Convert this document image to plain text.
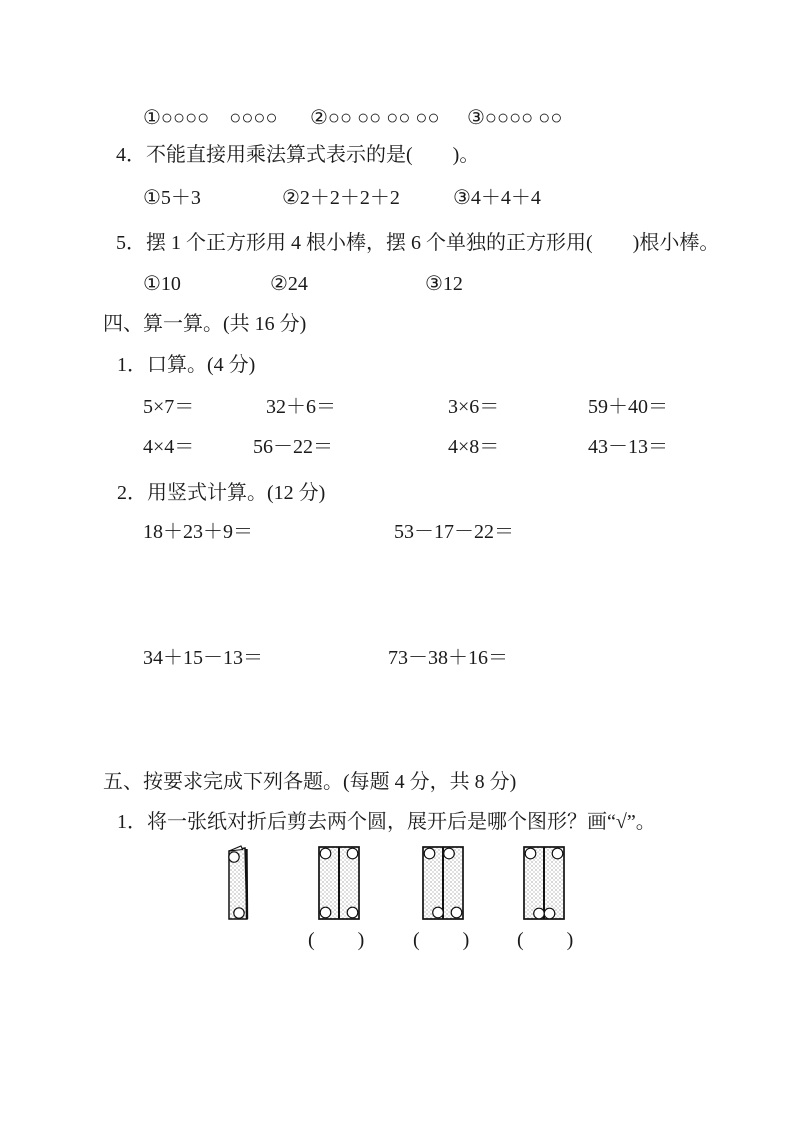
①○○○○　○○○○ ②○○ ○○ ○○ ○○ ③○○○○ ○○
4．不能直接用乘法算式表示的是(　　)。
①5＋3	②2＋2＋2＋2	③4＋4＋4
5．摆 1 个正方形用 4 根小棒，摆 6 个单独的正方形用(　　)根小棒。
①10	②24	③12
四、算一算。(共 16 分)
1．口算。(4 分)
5×7＝	32＋6＝	3×6＝	59＋40＝
4×4＝	56－22＝	4×8＝	43－13＝
2．用竖式计算。(12 分)
18＋23＋9＝	53－17－22＝
34＋15－13＝	73－38＋16＝
五、按要求完成下列各题。(每题 4 分，共 8 分)
1．将一张纸对折后剪去两个圆，展开后是哪个图形？画“√”。
(　　) (　　) (　　)
